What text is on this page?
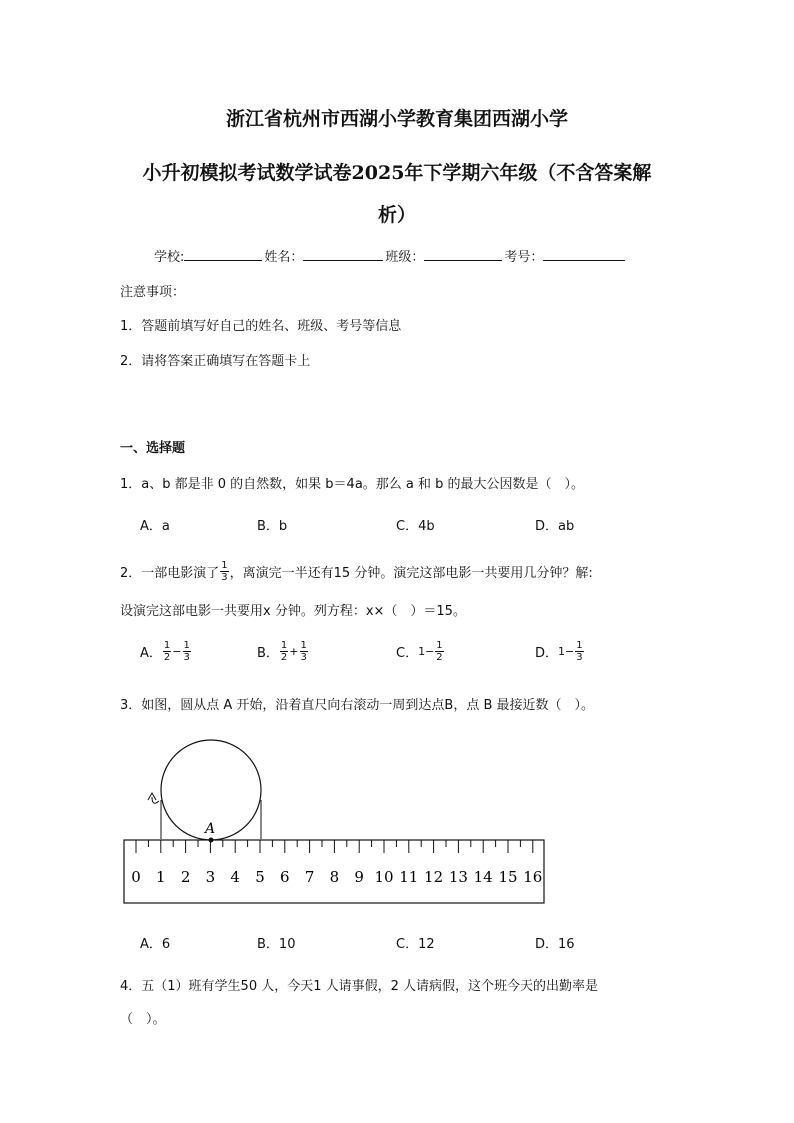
浙江省杭州市西湖小学教育集团西湖小学
小升初模拟考试数学试卷2025年下学期六年级（不含答案解
析）
学校:	姓名：	班级：	考号：
注意事项：
1．答题前填写好自己的姓名、班级、考号等信息
2．请将答案正确填写在答题卡上
一、选择题
1．a、b 都是非 0 的自然数，如果 b＝4a。那么 a 和 b 的最大公因数是（　）。
A．a	B．b	C．4b	D．ab
2．一部电影演了 $\frac{1}{3}$ ，离演完一半还有15 分钟。演完这部电影一共要用几分钟？解:
设演完这部电影一共要用x 分钟。列方程：x×（　）＝15。
A． $\frac{1}{2} - \frac{1}{3}$	B． $\frac{1}{2} + \frac{1}{3}$	C． $1- \frac{1}{2}$	D． $1- \frac{1}{3}$
3．如图，圆从点 A 开始，沿着直尺向右滚动一周到达点B，点 B 最接近数（　）。
A
0 1 2 3 4 5 6 7 8 9 10 11 12 13 14 15 16
A．6	B．10	C．12	D．16
4．五（1）班有学生50 人，今天1 人请事假，2 人请病假，这个班今天的出勤率是
（　）。
